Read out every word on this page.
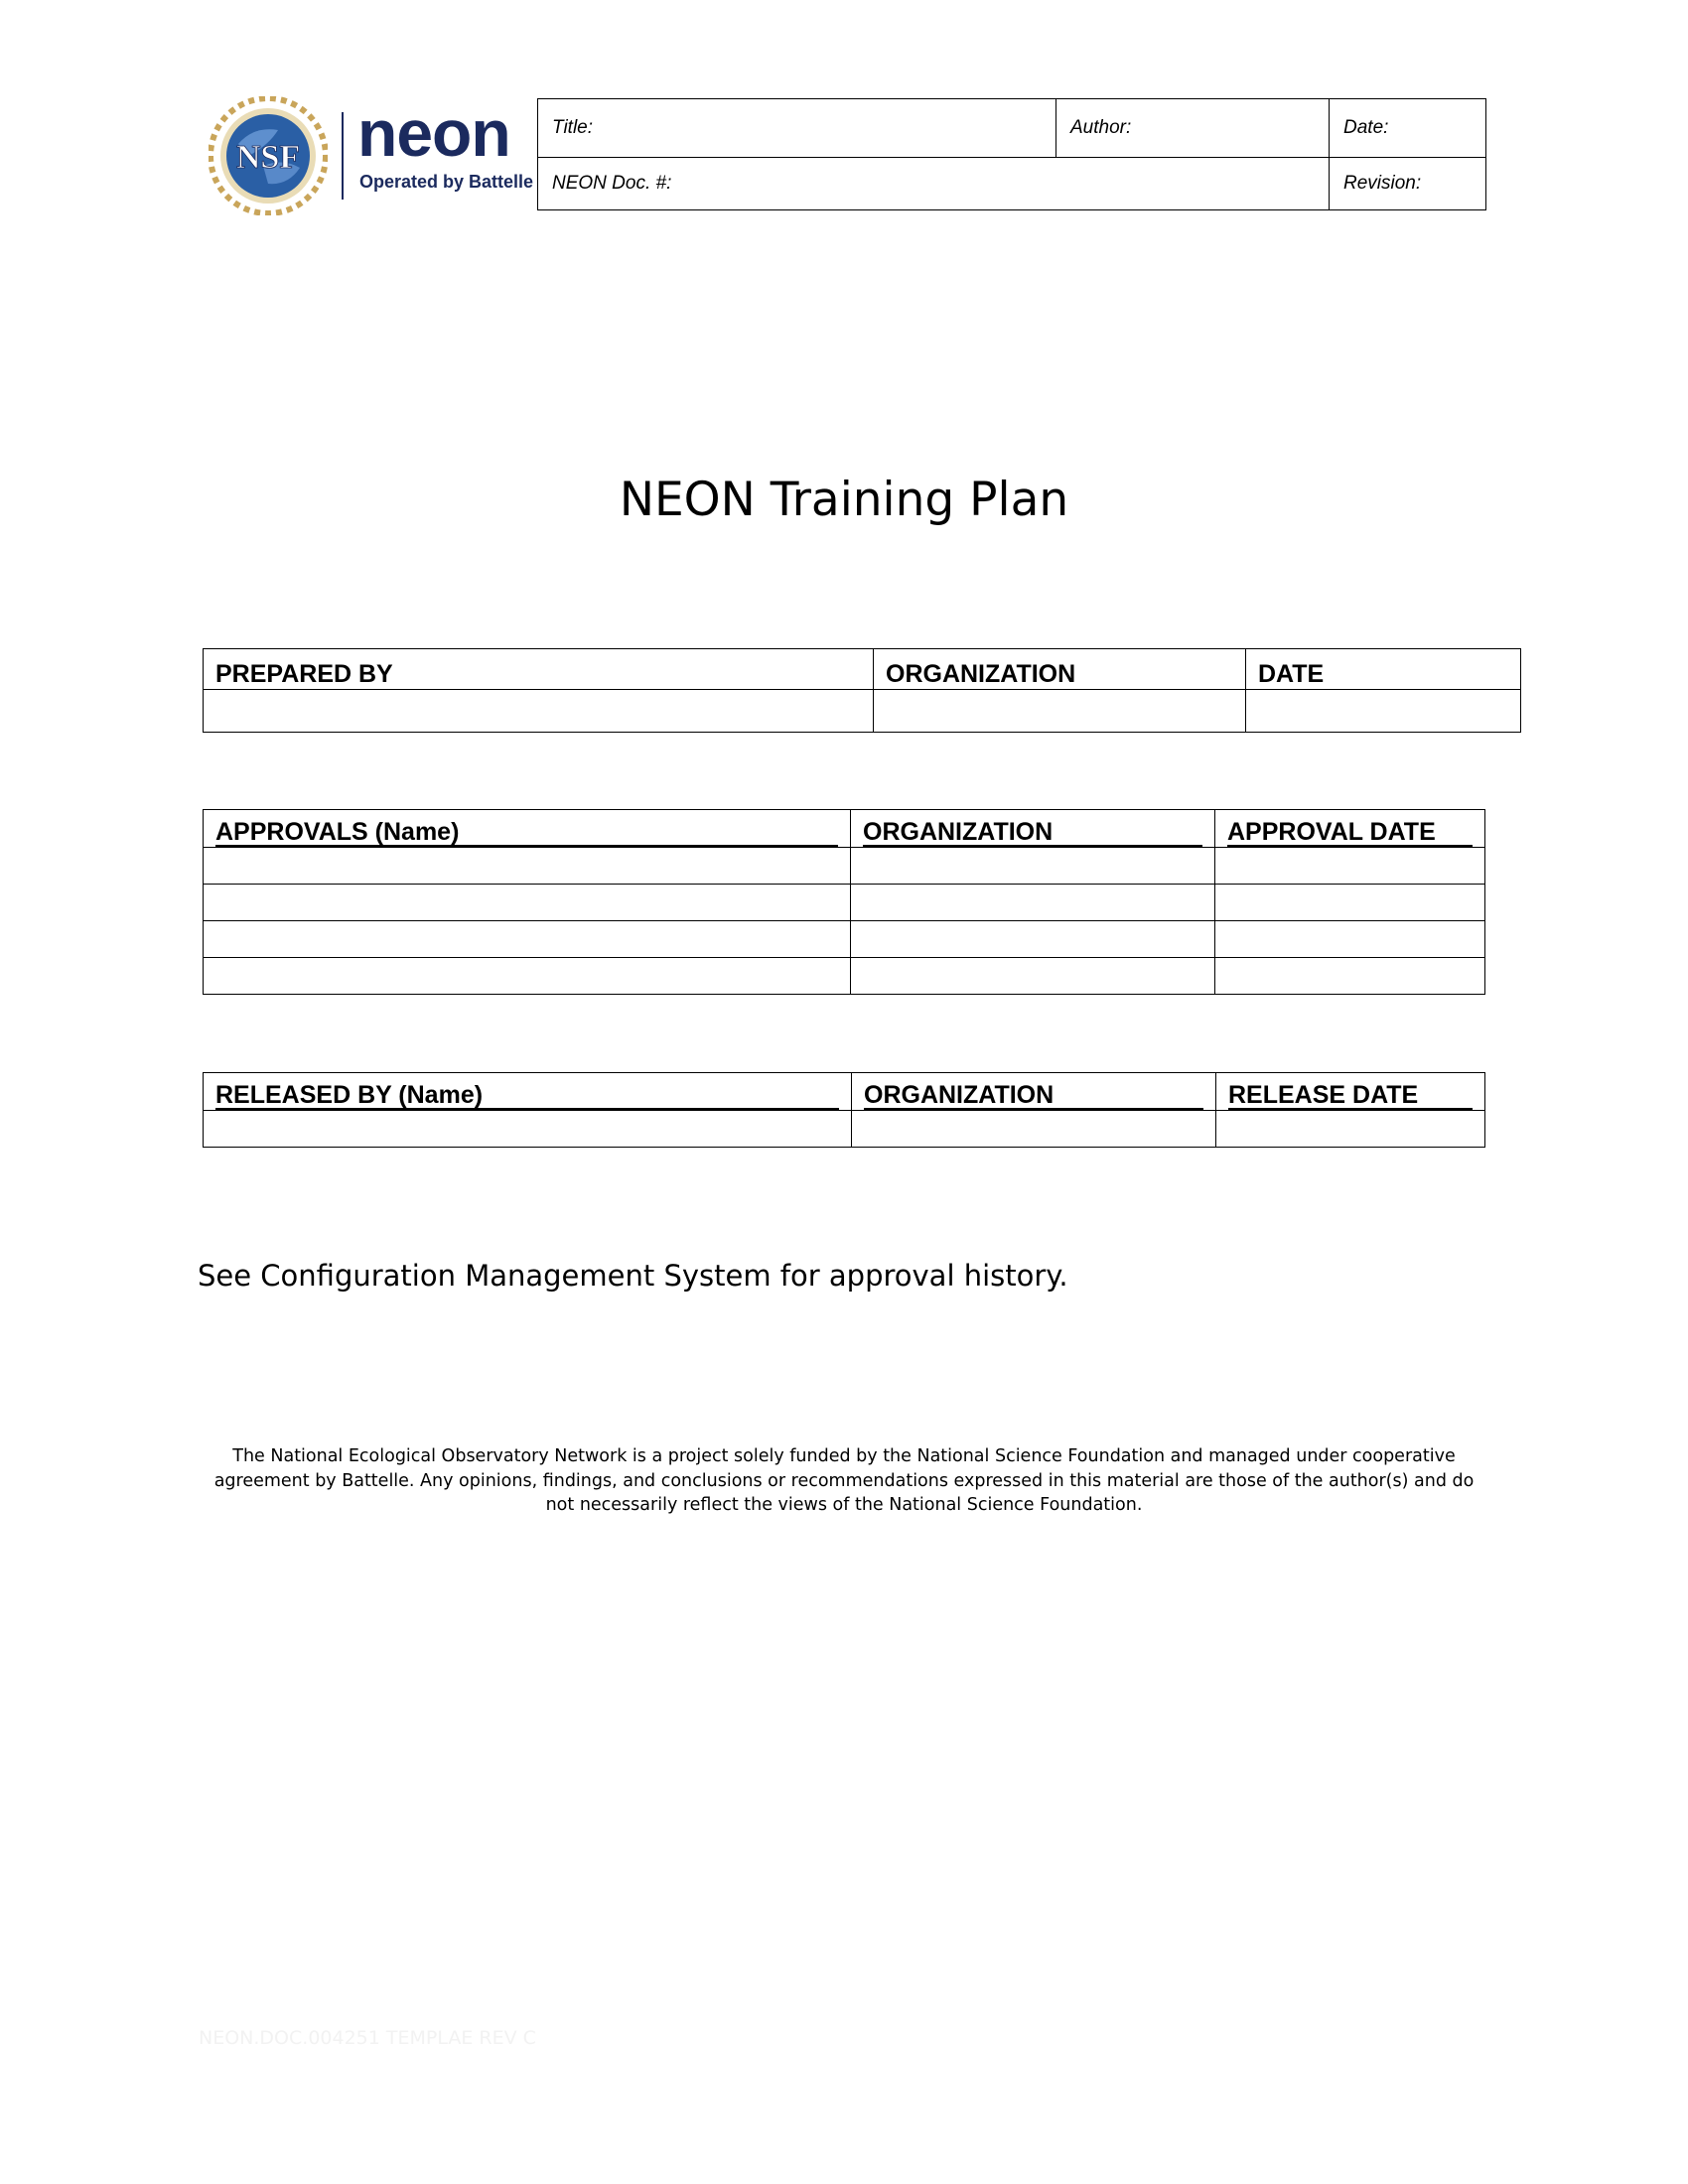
NSF neon
Operated by Battelle
Title:	Author:	Date:
NEON Doc. #:		Revision:
NEON Training Plan
PREPARED BY	ORGANIZATION	DATE

APPROVALS (Name)	ORGANIZATION	APPROVAL DATE

RELEASED BY (Name)	ORGANIZATION	RELEASE DATE

See Configuration Management System for approval history.
The National Ecological Observatory Network is a project solely funded by the National Science Foundation and managed under cooperative agreement by Battelle. Any opinions, findings, and conclusions or recommendations expressed in this material are those of the author(s) and do not necessarily reflect the views of the National Science Foundation.
NEON.DOC.004251 TEMPLAE REV C
